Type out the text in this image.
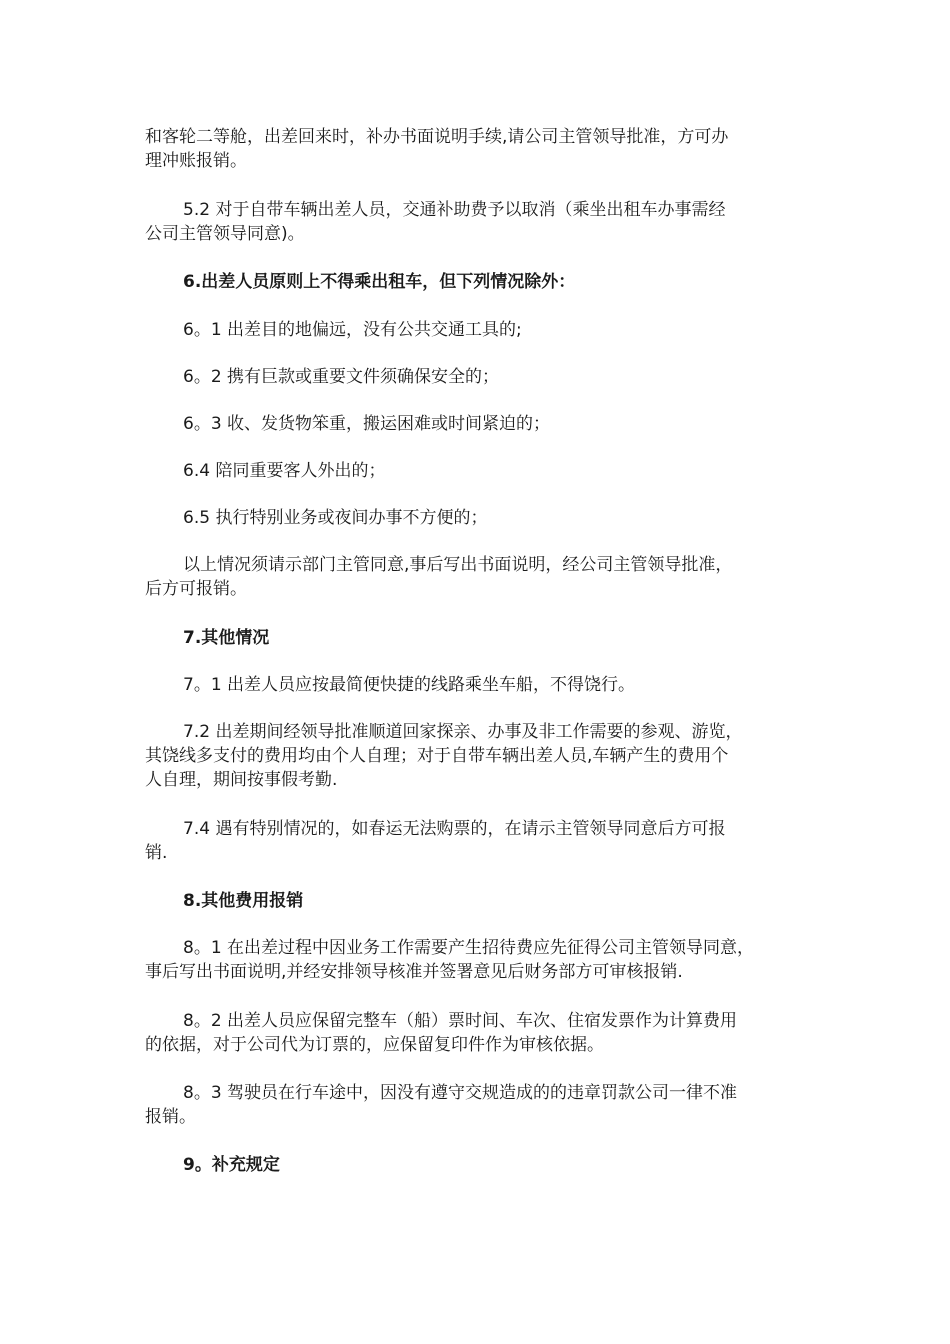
和客轮二等舱，出差回来时，补办书面说明手续,请公司主管领导批准，方可办
理冲账报销。
5.2 对于自带车辆出差人员，交通补助费予以取消（乘坐出租车办事需经
公司主管领导同意)。
6.出差人员原则上不得乘出租车，但下列情况除外：
6。1 出差目的地偏远，没有公共交通工具的;
6。2 携有巨款或重要文件须确保安全的；
6。3 收、发货物笨重，搬运困难或时间紧迫的；
6.4 陪同重要客人外出的；
6.5 执行特别业务或夜间办事不方便的；
以上情况须请示部门主管同意,事后写出书面说明，经公司主管领导批准，
后方可报销。
7.其他情况
7。1 出差人员应按最简便快捷的线路乘坐车船，不得饶行。
7.2 出差期间经领导批准顺道回家探亲、办事及非工作需要的参观、游览，
其饶线多支付的费用均由个人自理；对于自带车辆出差人员,车辆产生的费用个
人自理，期间按事假考勤.
7.4 遇有特别情况的，如春运无法购票的，在请示主管领导同意后方可报
销.
8.其他费用报销
8。1 在出差过程中因业务工作需要产生招待费应先征得公司主管领导同意，
事后写出书面说明,并经安排领导核准并签署意见后财务部方可审核报销.
8。2 出差人员应保留完整车（船）票时间、车次、住宿发票作为计算费用
的依据，对于公司代为订票的，应保留复印件作为审核依据。
8。3 驾驶员在行车途中，因没有遵守交规造成的的违章罚款公司一律不准
报销。
9。补充规定
